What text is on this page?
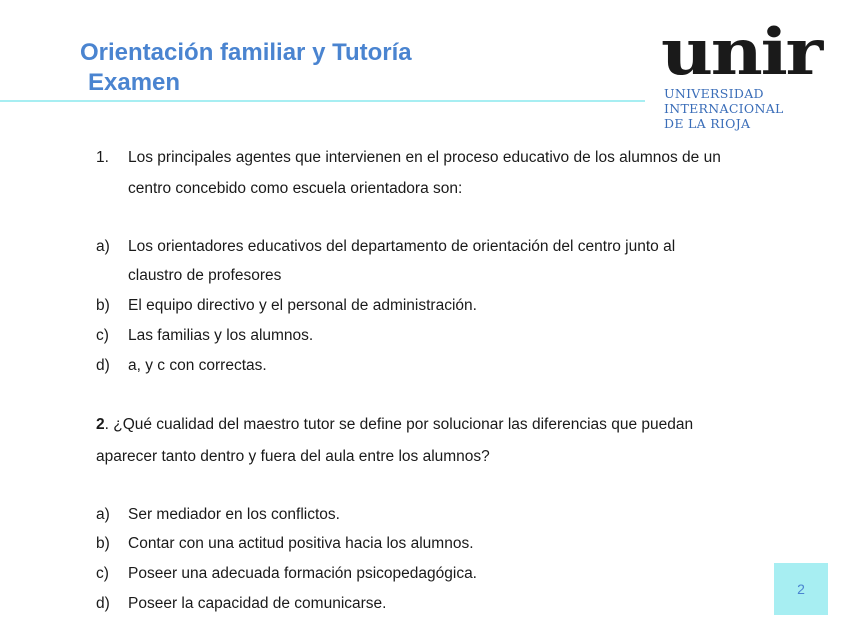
Orientación familiar y Tutoría
Examen	unir
UNIVERSIDAD
INTERNACIONAL
DE LA RIOJA
1. Los principales agentes que intervienen en el proceso educativo de los alumnos de un
centro concebido como escuela orientadora son:
a) Los orientadores educativos del departamento de orientación del centro junto al
claustro de profesores
b) El equipo directivo y el personal de administración.
c) Las familias y los alumnos.
d) a, y c con correctas.
2. ¿Qué cualidad del maestro tutor se define por solucionar las diferencias que puedan
aparecer tanto dentro y fuera del aula entre los alumnos?
a) Ser mediador en los conflictos.
b) Contar con una actitud positiva hacia los alumnos.
c) Poseer una adecuada formación psicopedagógica.
d) Poseer la capacidad de comunicarse.
2
